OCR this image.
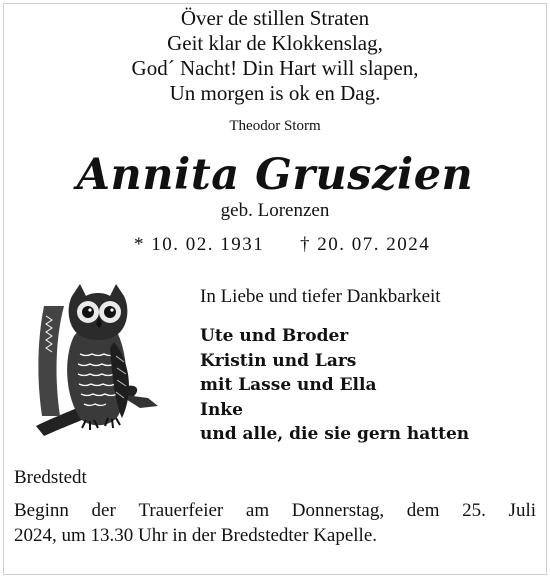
Över de stillen Straten
Geit klar de Klokkenslag,
God´ Nacht! Din Hart will slapen,
Un morgen is ok en Dag.
Theodor Storm
Annita Gruszien
geb. Lorenzen
* 10. 02. 1931 † 20. 07. 2024
In Liebe und tiefer Dankbarkeit
Ute und Broder
Kristin und Lars
mit Lasse und Ella
Inke
und alle, die sie gern hatten
Bredstedt
Beginn der Trauerfeier am Donnerstag, dem 25. Juli
2024, um 13.30 Uhr in der Bredstedter Kapelle.
